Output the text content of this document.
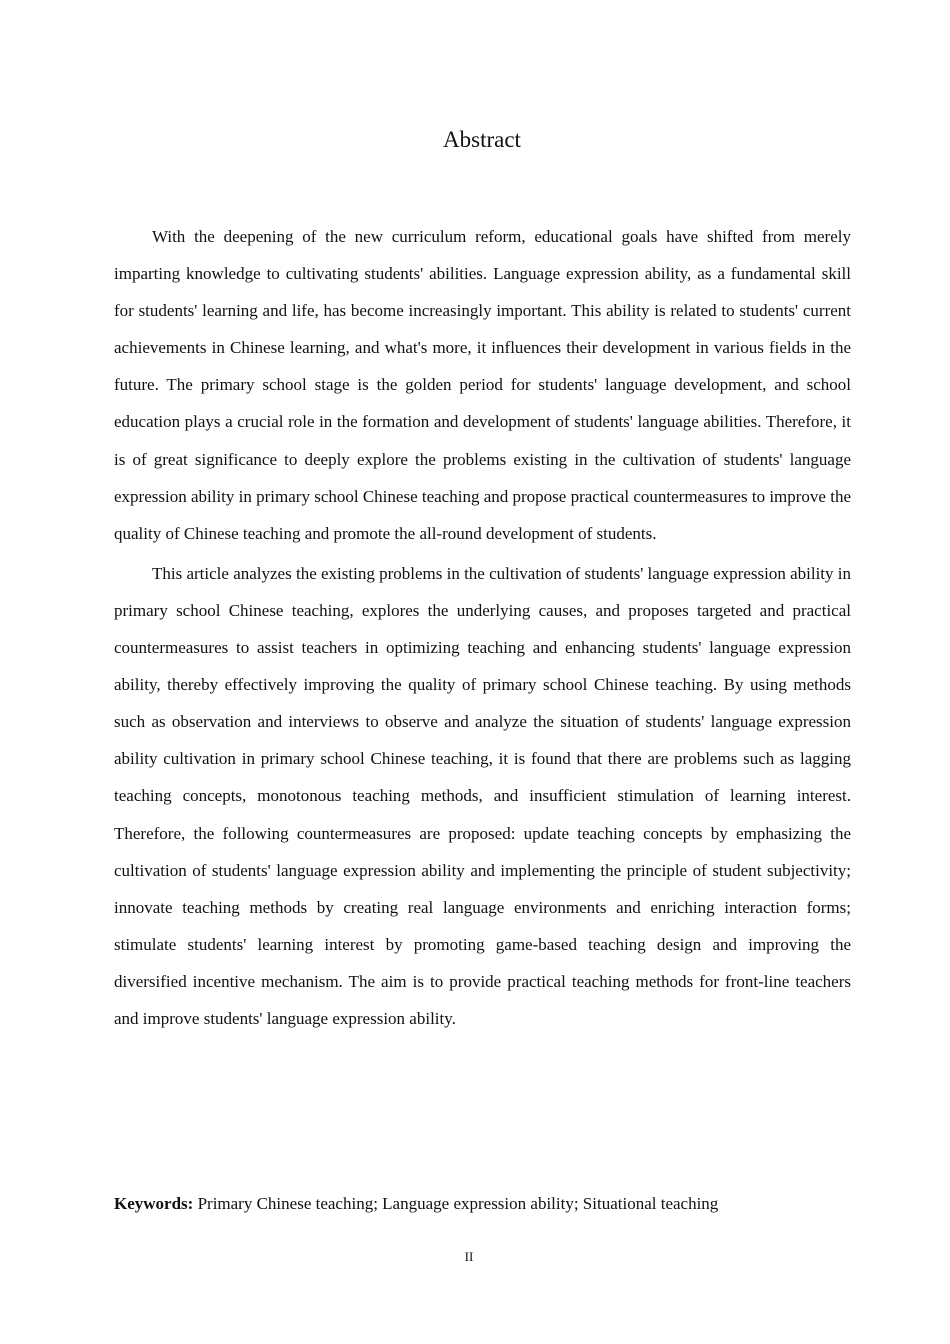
Abstract

With the deepening of the new curriculum reform, educational goals have shifted from merely imparting knowledge to cultivating students' abilities. Language expression ability, as a fundamental skill for students' learning and life, has become increasingly important. This ability is related to students' current achievements in Chinese learning, and what's more, it influences their development in various fields in the future. The primary school stage is the golden period for students' language development, and school education plays a crucial role in the formation and development of students' language abilities. Therefore, it is of great significance to deeply explore the problems existing in the cultivation of students' language expression ability in primary school Chinese teaching and propose practical countermeasures to improve the quality of Chinese teaching and promote the all-round development of students.

This article analyzes the existing problems in the cultivation of students' language expression ability in primary school Chinese teaching, explores the underlying causes, and proposes targeted and practical countermeasures to assist teachers in optimizing teaching and enhancing students' language expression ability, thereby effectively improving the quality of primary school Chinese teaching. By using methods such as observation and interviews to observe and analyze the situation of students' language expression ability cultivation in primary school Chinese teaching, it is found that there are problems such as lagging teaching concepts, monotonous teaching methods, and insufficient stimulation of learning interest. Therefore, the following countermeasures are proposed: update teaching concepts by emphasizing the cultivation of students' language expression ability and implementing the principle of student subjectivity; innovate teaching methods by creating real language environments and enriching interaction forms; stimulate students' learning interest by promoting game-based teaching design and improving the diversified incentive mechanism. The aim is to provide practical teaching methods for front-line teachers and improve students' language expression ability.

Keywords: Primary Chinese teaching; Language expression ability; Situational teaching

II
